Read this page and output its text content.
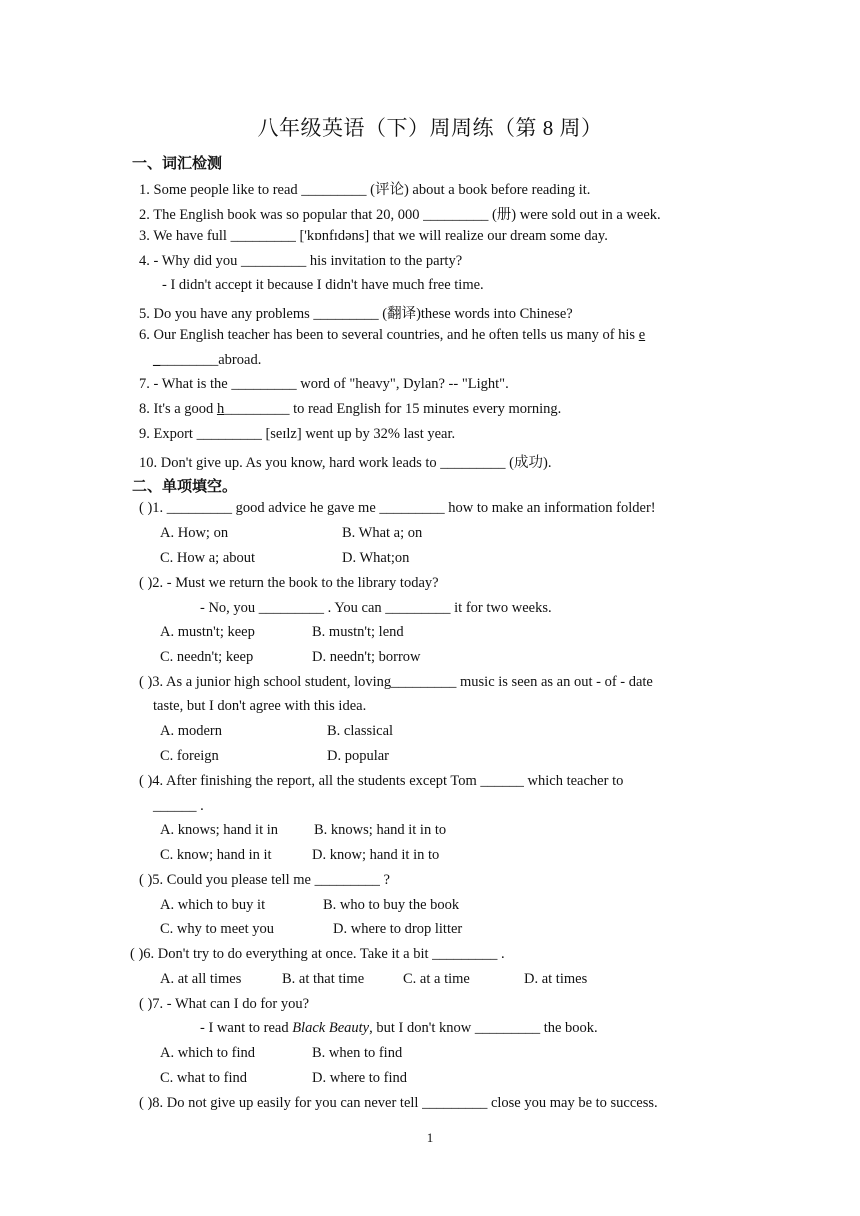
八年级英语（下）周周练（第 8 周）
一、词汇检测
1. Some people like to read _________ (评论) about a book before reading it.
2. The English book was so popular that 20, 000 _________ (册) were sold out in a week.
3. We have full _________ ['kɒnfɪdəns] that we will realize our dream some day.
4. - Why did you _________ his invitation to the party?
- I didn't accept it because I didn't have much free time.
5. Do you have any problems _________ (翻译)these words into Chinese?
6. Our English teacher has been to several countries, and he often tells us many of his e
_________abroad.
7. - What is the _________ word of "heavy", Dylan? -- "Light".
8. It's a good h_________ to read English for 15 minutes every morning.
9. Export _________ [seɪlz] went up by 32% last year.
10. Don't give up. As you know, hard work leads to _________ (成功).
二、单项填空。
( )1. _________ good advice he gave me _________ how to make an information folder!
A. How; on	B. What a; on
C. How a; about	D. What;on
( )2. - Must we return the book to the library today?
- No, you _________ . You can _________ it for two weeks.
A. mustn't; keep	B. mustn't; lend
C. needn't; keep	D. needn't; borrow
( )3. As a junior high school student, loving_________ music is seen as an out - of - date
taste, but I don't agree with this idea.
A. modern	B. classical
C. foreign	D. popular
( )4. After finishing the report, all the students except Tom ______ which teacher to
______ .
A. knows; hand it in B. knows; hand it in to
C. know; hand in it	D. know; hand it in to
( )5. Could you please tell me _________ ?
A. which to buy it	B. who to buy the book
C. why to meet you	D. where to drop litter
( )6. Don't try to do everything at once. Take it a bit _________ .
A. at all times	B. at that time	C. at a time	D. at times
( )7. - What can I do for you?
- I want to read Black Beauty, but I don't know _________ the book.
A. which to find	B. when to find
C. what to find	D. where to find
( )8. Do not give up easily for you can never tell _________ close you may be to success.
1
